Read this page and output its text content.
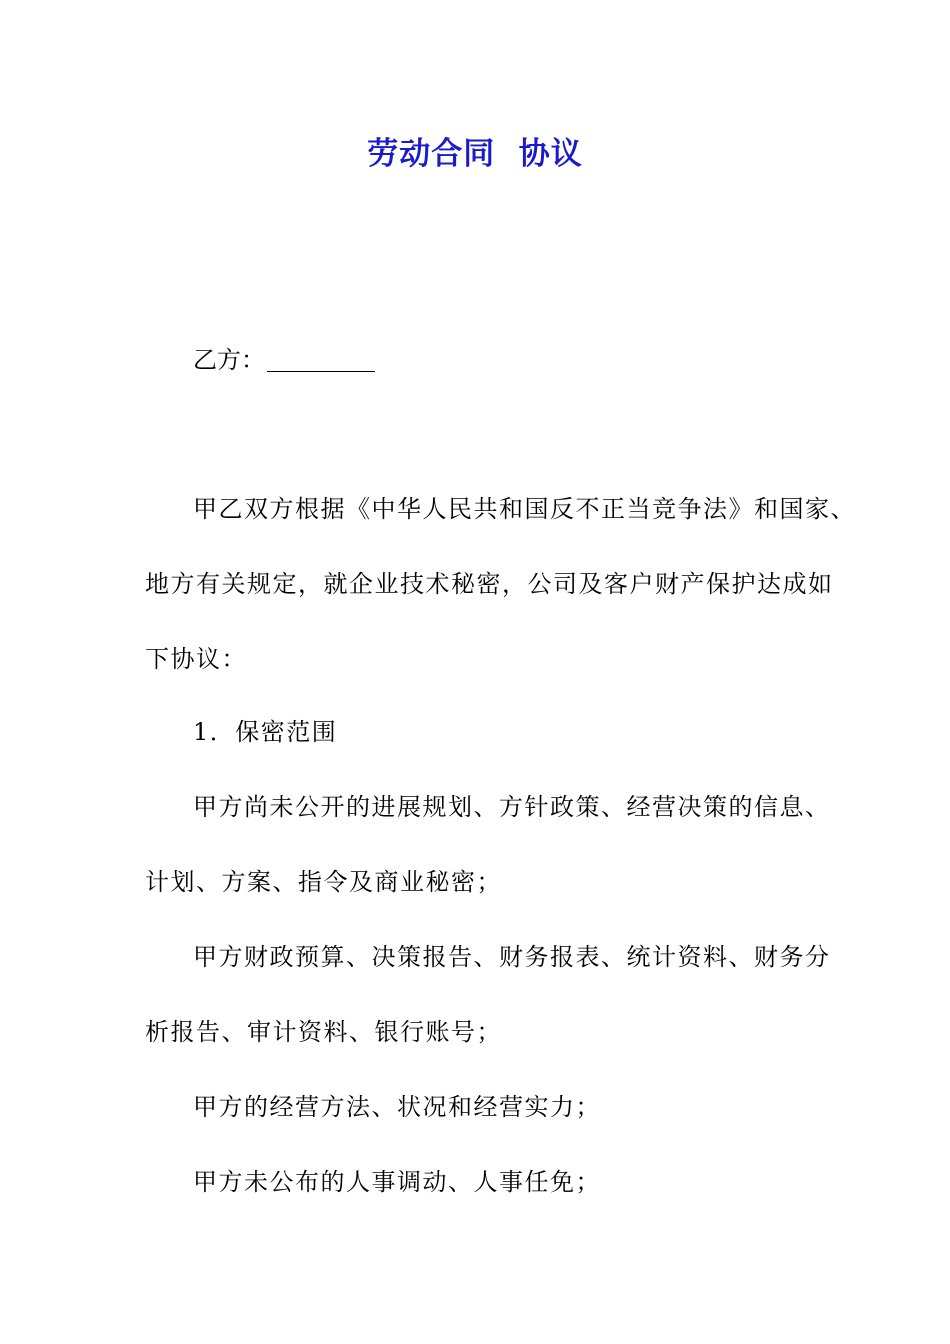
劳动合同  协议
乙方：
甲乙双方根据《中华人民共和国反不正当竞争法》和国家、
地方有关规定，就企业技术秘密，公司及客户财产保护达成如
下协议：
1．保密范围
甲方尚未公开的进展规划、方针政策、经营决策的信息、
计划、方案、指令及商业秘密；
甲方财政预算、决策报告、财务报表、统计资料、财务分
析报告、审计资料、银行账号；
甲方的经营方法、状况和经营实力；
甲方未公布的人事调动、人事任免；
